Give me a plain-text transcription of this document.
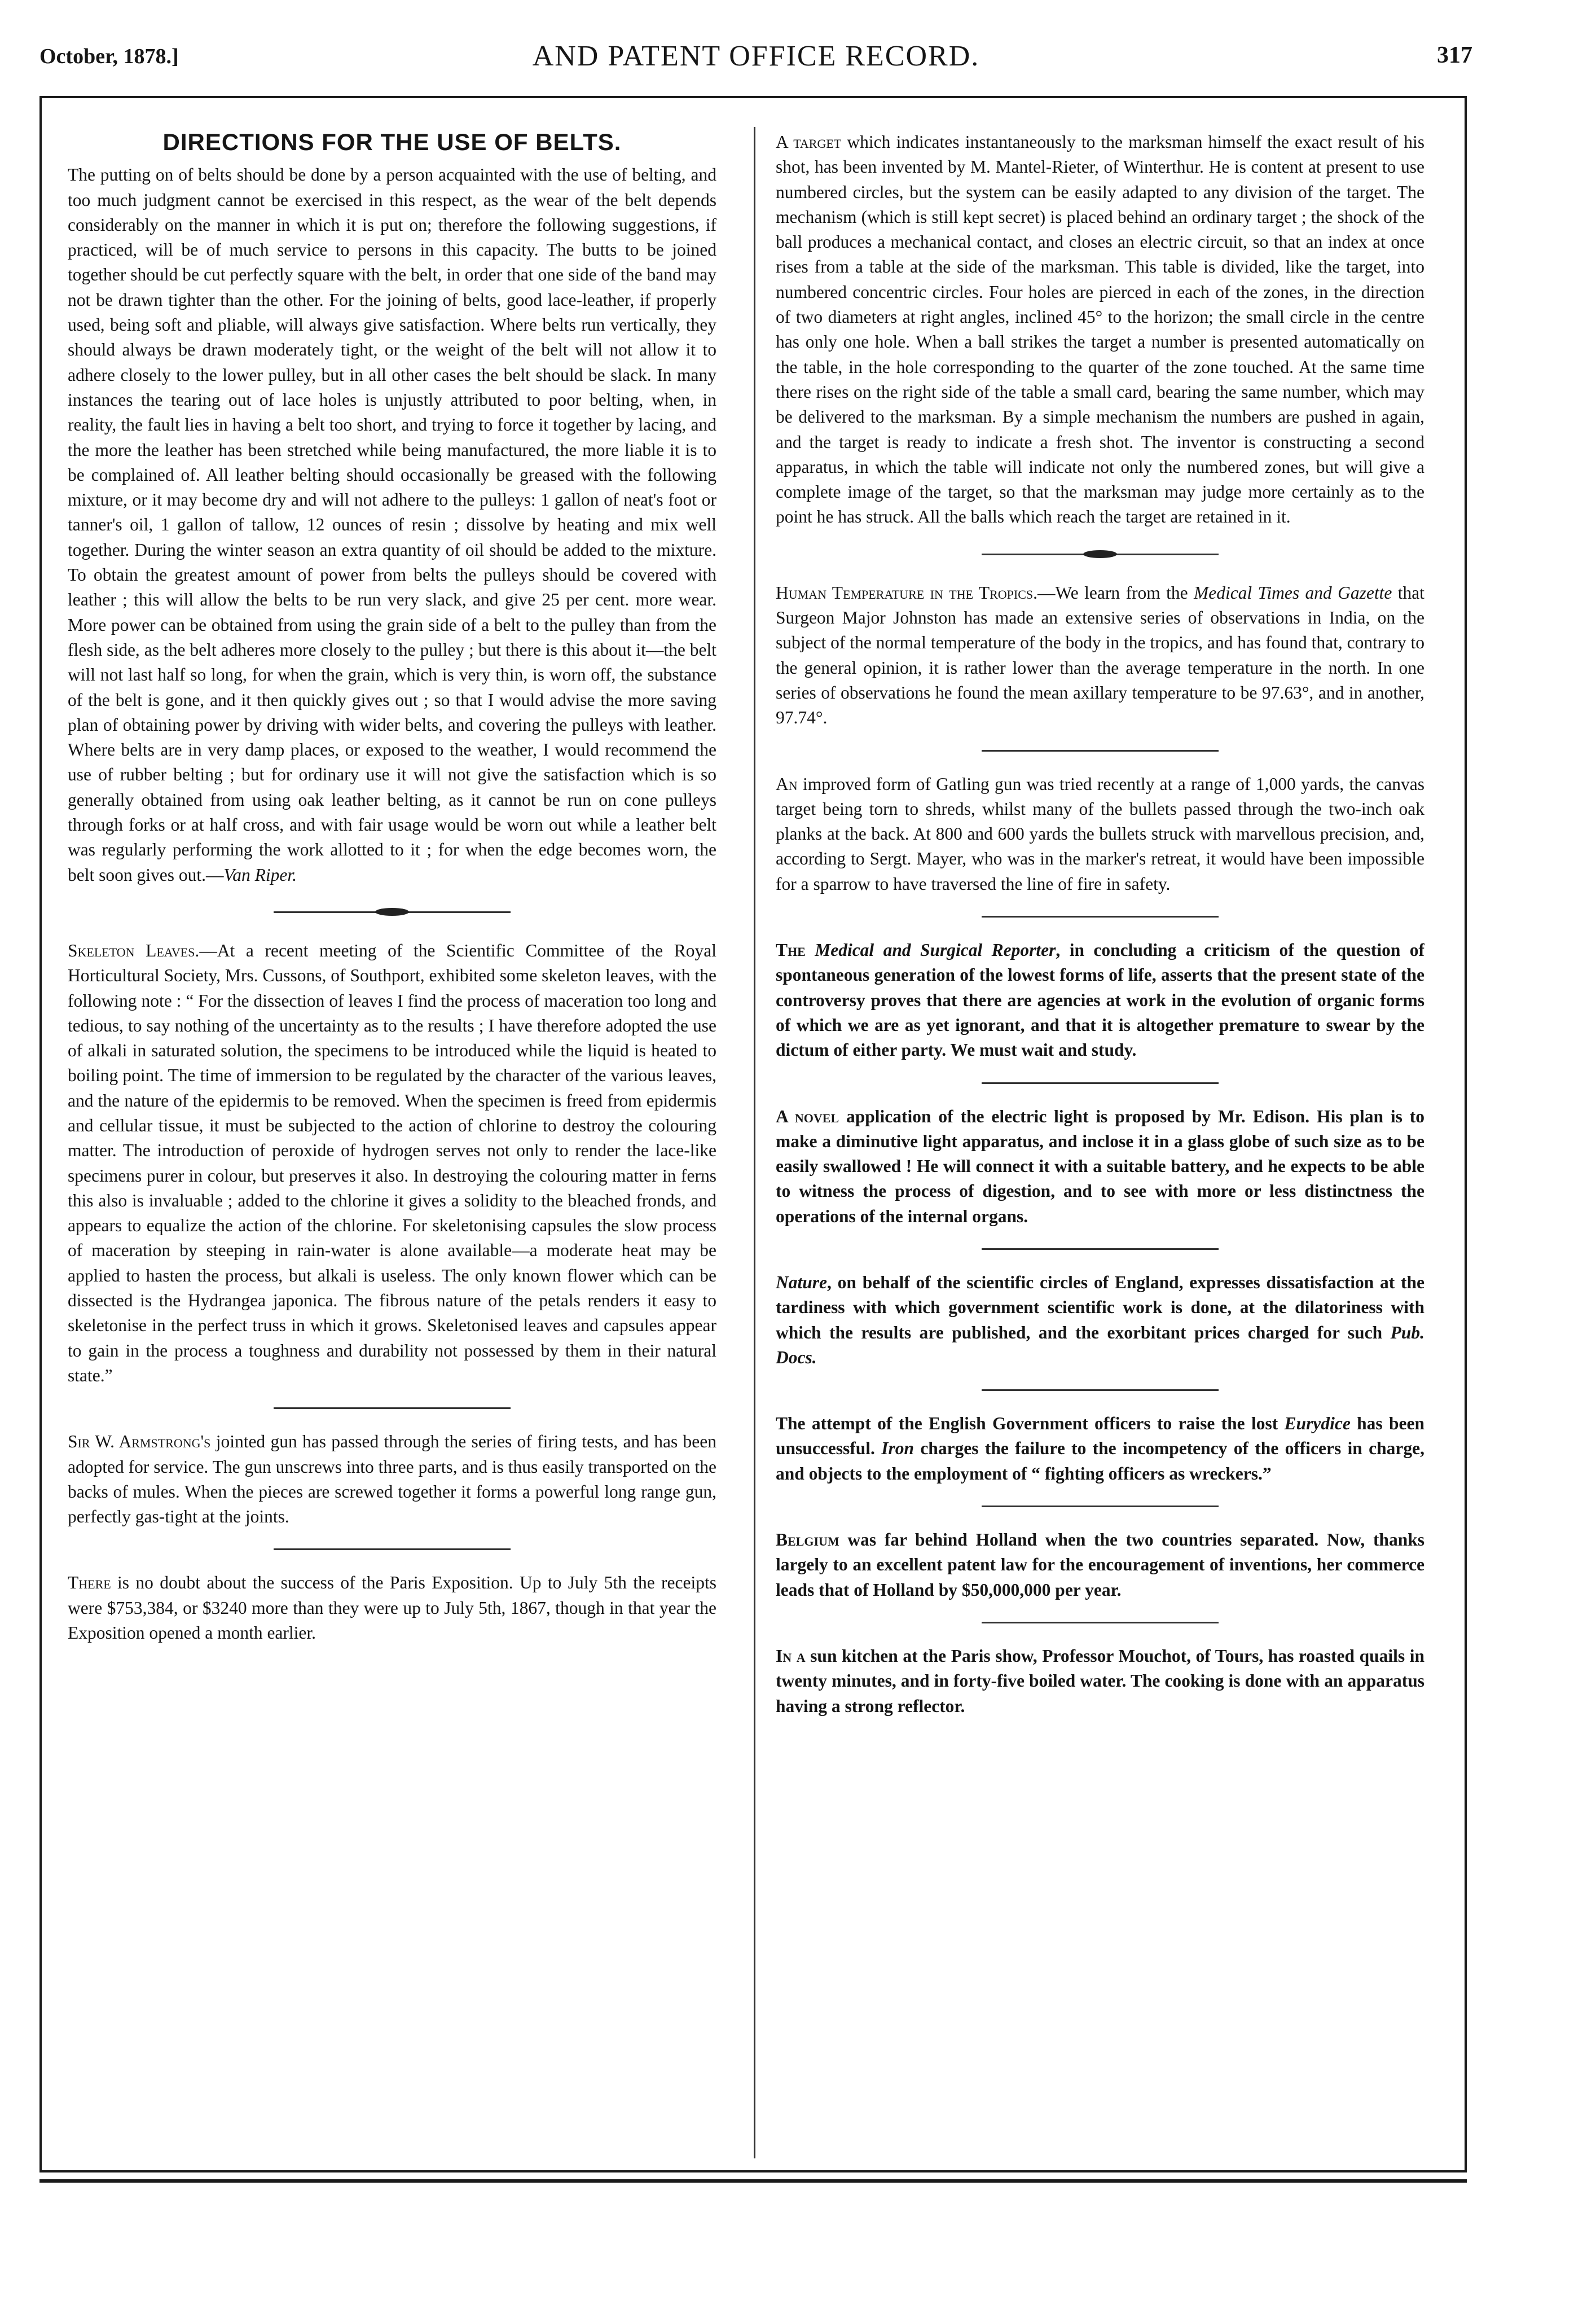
October, 1878.]	AND PATENT OFFICE RECORD.	317
DIRECTIONS FOR THE USE OF BELTS.

The putting on of belts should be done by a person acquainted with the use of belting, and too much judgment cannot be exercised in this respect, as the wear of the belt depends considerably on the manner in which it is put on; therefore the following suggestions, if practiced, will be of much service to persons in this capacity. The butts to be joined together should be cut perfectly square with the belt, in order that one side of the band may not be drawn tighter than the other. For the joining of belts, good lace-leather, if properly used, being soft and pliable, will always give satisfaction. Where belts run vertically, they should always be drawn moderately tight, or the weight of the belt will not allow it to adhere closely to the lower pulley, but in all other cases the belt should be slack. In many instances the tearing out of lace holes is unjustly attributed to poor belting, when, in reality, the fault lies in having a belt too short, and trying to force it together by lacing, and the more the leather has been stretched while being manufactured, the more liable it is to be complained of. All leather belting should occasionally be greased with the following mixture, or it may become dry and will not adhere to the pulleys: 1 gallon of neat's foot or tanner's oil, 1 gallon of tallow, 12 ounces of resin ; dissolve by heating and mix well together. During the winter season an extra quantity of oil should be added to the mixture. To obtain the greatest amount of power from belts the pulleys should be covered with leather ; this will allow the belts to be run very slack, and give 25 per cent. more wear. More power can be obtained from using the grain side of a belt to the pulley than from the flesh side, as the belt adheres more closely to the pulley ; but there is this about it—the belt will not last half so long, for when the grain, which is very thin, is worn off, the substance of the belt is gone, and it then quickly gives out ; so that I would advise the more saving plan of obtaining power by driving with wider belts, and covering the pulleys with leather. Where belts are in very damp places, or exposed to the weather, I would recommend the use of rubber belting ; but for ordinary use it will not give the satisfaction which is so generally obtained from using oak leather belting, as it cannot be run on cone pulleys through forks or at half cross, and with fair usage would be worn out while a leather belt was regularly performing the work allotted to it ; for when the edge becomes worn, the belt soon gives out.—Van Riper.

Skeleton Leaves.—At a recent meeting of the Scientific Committee of the Royal Horticultural Society, Mrs. Cussons, of Southport, exhibited some skeleton leaves, with the following note : “ For the dissection of leaves I find the process of maceration too long and tedious, to say nothing of the uncertainty as to the results ; I have therefore adopted the use of alkali in saturated solution, the specimens to be introduced while the liquid is heated to boiling point. The time of immersion to be regulated by the character of the various leaves, and the nature of the epidermis to be removed. When the specimen is freed from epidermis and cellular tissue, it must be subjected to the action of chlorine to destroy the colouring matter. The introduction of peroxide of hydrogen serves not only to render the lace-like specimens purer in colour, but preserves it also. In destroying the colouring matter in ferns this also is invaluable ; added to the chlorine it gives a solidity to the bleached fronds, and appears to equalize the action of the chlorine. For skeletonising capsules the slow process of maceration by steeping in rain-water is alone available—a moderate heat may be applied to hasten the process, but alkali is useless. The only known flower which can be dissected is the Hydrangea japonica. The fibrous nature of the petals renders it easy to skeletonise in the perfect truss in which it grows. Skeletonised leaves and capsules appear to gain in the process a toughness and durability not possessed by them in their natural state.”

Sir W. Armstrong's jointed gun has passed through the series of firing tests, and has been adopted for service. The gun unscrews into three parts, and is thus easily transported on the backs of mules. When the pieces are screwed together it forms a powerful long range gun, perfectly gas-tight at the joints.

There is no doubt about the success of the Paris Exposition. Up to July 5th the receipts were $753,384, or $3240 more than they were up to July 5th, 1867, though in that year the Exposition opened a month earlier.

A target which indicates instantaneously to the marksman himself the exact result of his shot, has been invented by M. Mantel-Rieter, of Winterthur. He is content at present to use numbered circles, but the system can be easily adapted to any division of the target. The mechanism (which is still kept secret) is placed behind an ordinary target ; the shock of the ball produces a mechanical contact, and closes an electric circuit, so that an index at once rises from a table at the side of the marksman. This table is divided, like the target, into numbered concentric circles. Four holes are pierced in each of the zones, in the direction of two diameters at right angles, inclined 45° to the horizon; the small circle in the centre has only one hole. When a ball strikes the target a number is presented automatically on the table, in the hole corresponding to the quarter of the zone touched. At the same time there rises on the right side of the table a small card, bearing the same number, which may be delivered to the marksman. By a simple mechanism the numbers are pushed in again, and the target is ready to indicate a fresh shot. The inventor is constructing a second apparatus, in which the table will indicate not only the numbered zones, but will give a complete image of the target, so that the marksman may judge more certainly as to the point he has struck. All the balls which reach the target are retained in it.

Human Temperature in the Tropics.—We learn from the Medical Times and Gazette that Surgeon Major Johnston has made an extensive series of observations in India, on the subject of the normal temperature of the body in the tropics, and has found that, contrary to the general opinion, it is rather lower than the average temperature in the north. In one series of observations he found the mean axillary temperature to be 97.63°, and in another, 97.74°.

An improved form of Gatling gun was tried recently at a range of 1,000 yards, the canvas target being torn to shreds, whilst many of the bullets passed through the two-inch oak planks at the back. At 800 and 600 yards the bullets struck with marvellous precision, and, according to Sergt. Mayer, who was in the marker's retreat, it would have been impossible for a sparrow to have traversed the line of fire in safety.

The Medical and Surgical Reporter, in concluding a criticism of the question of spontaneous generation of the lowest forms of life, asserts that the present state of the controversy proves that there are agencies at work in the evolution of organic forms of which we are as yet ignorant, and that it is altogether premature to swear by the dictum of either party. We must wait and study.

A novel application of the electric light is proposed by Mr. Edison. His plan is to make a diminutive light apparatus, and inclose it in a glass globe of such size as to be easily swallowed ! He will connect it with a suitable battery, and he expects to be able to witness the process of digestion, and to see with more or less distinctness the operations of the internal organs.

Nature, on behalf of the scientific circles of England, expresses dissatisfaction at the tardiness with which government scientific work is done, at the dilatoriness with which the results are published, and the exorbitant prices charged for such Pub. Docs.

The attempt of the English Government officers to raise the lost Eurydice has been unsuccessful. Iron charges the failure to the incompetency of the officers in charge, and objects to the employment of “ fighting officers as wreckers.”

Belgium was far behind Holland when the two countries separated. Now, thanks largely to an excellent patent law for the encouragement of inventions, her commerce leads that of Holland by $50,000,000 per year.

In a sun kitchen at the Paris show, Professor Mouchot, of Tours, has roasted quails in twenty minutes, and in forty-five boiled water. The cooking is done with an apparatus having a strong reflector.
